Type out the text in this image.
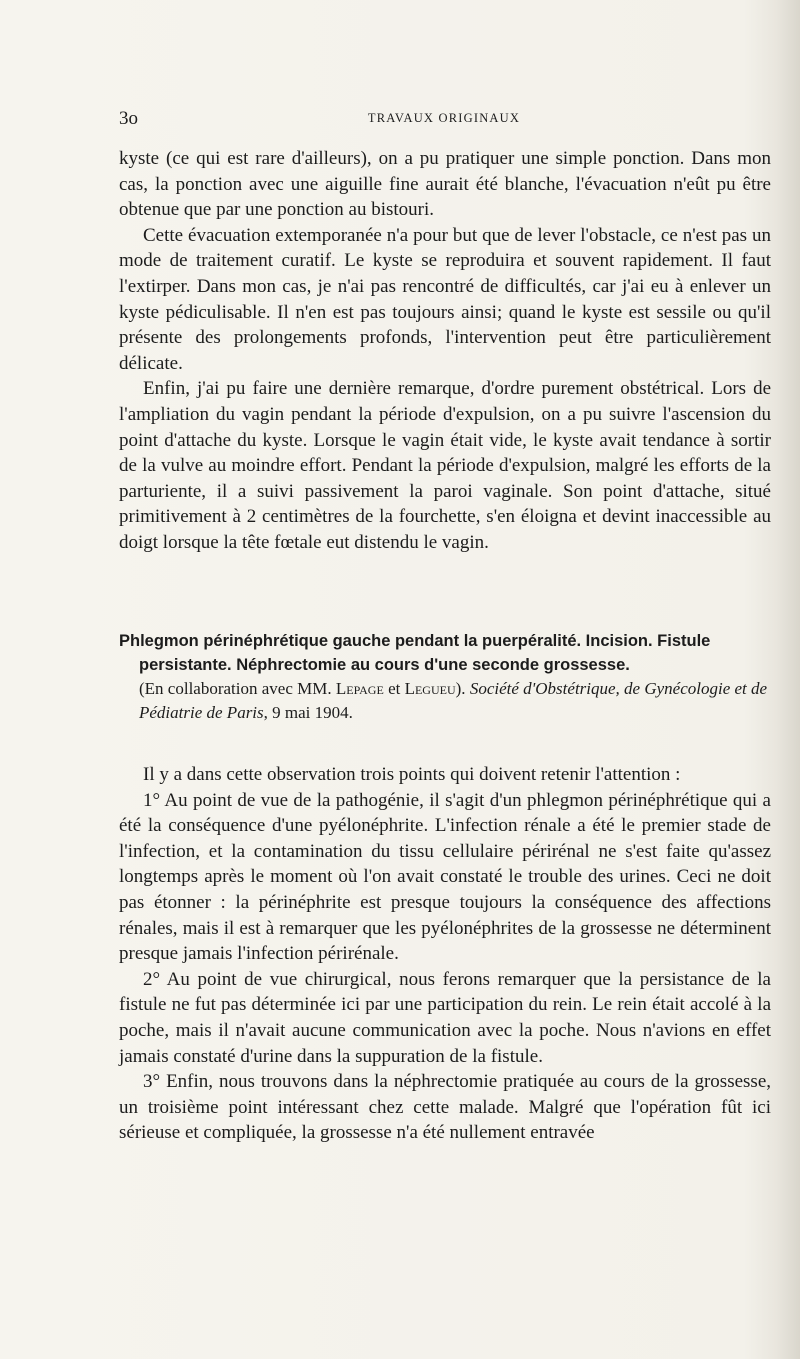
3o	TRAVAUX ORIGINAUX

kyste (ce qui est rare d'ailleurs), on a pu pratiquer une simple ponction. Dans mon cas, la ponction avec une aiguille fine aurait été blanche, l'évacuation n'eût pu être obtenue que par une ponction au bistouri.

Cette évacuation extemporanée n'a pour but que de lever l'obstacle, ce n'est pas un mode de traitement curatif. Le kyste se reproduira et souvent rapidement. Il faut l'extirper. Dans mon cas, je n'ai pas rencontré de difficultés, car j'ai eu à enlever un kyste pédiculisable. Il n'en est pas toujours ainsi; quand le kyste est sessile ou qu'il présente des prolongements profonds, l'intervention peut être particulièrement délicate.

Enfin, j'ai pu faire une dernière remarque, d'ordre purement obstétrical. Lors de l'ampliation du vagin pendant la période d'expulsion, on a pu suivre l'ascension du point d'attache du kyste. Lorsque le vagin était vide, le kyste avait tendance à sortir de la vulve au moindre effort. Pendant la période d'expulsion, malgré les efforts de la parturiente, il a suivi passivement la paroi vaginale. Son point d'attache, situé primitivement à 2 centimètres de la fourchette, s'en éloigna et devint inaccessible au doigt lorsque la tête fœtale eut distendu le vagin.

Phlegmon périnéphrétique gauche pendant la puerpéralité. Incision. Fistule persistante. Néphrectomie au cours d'une seconde grossesse.

(En collaboration avec MM. Lepage et Legueu). Société d'Obstétrique, de Gynécologie et de Pédiatrie de Paris, 9 mai 1904.

Il y a dans cette observation trois points qui doivent retenir l'attention :

1° Au point de vue de la pathogénie, il s'agit d'un phlegmon périnéphrétique qui a été la conséquence d'une pyélonéphrite. L'infection rénale a été le premier stade de l'infection, et la contamination du tissu cellulaire périrénal ne s'est faite qu'assez longtemps après le moment où l'on avait constaté le trouble des urines. Ceci ne doit pas étonner : la périnéphrite est presque toujours la conséquence des affections rénales, mais il est à remarquer que les pyélonéphrites de la grossesse ne déterminent presque jamais l'infection périrénale.

2° Au point de vue chirurgical, nous ferons remarquer que la persistance de la fistule ne fut pas déterminée ici par une participation du rein. Le rein était accolé à la poche, mais il n'avait aucune communication avec la poche. Nous n'avions en effet jamais constaté d'urine dans la suppuration de la fistule.

3° Enfin, nous trouvons dans la néphrectomie pratiquée au cours de la grossesse, un troisième point intéressant chez cette malade. Malgré que l'opération fût ici sérieuse et compliquée, la grossesse n'a été nullement entravée
